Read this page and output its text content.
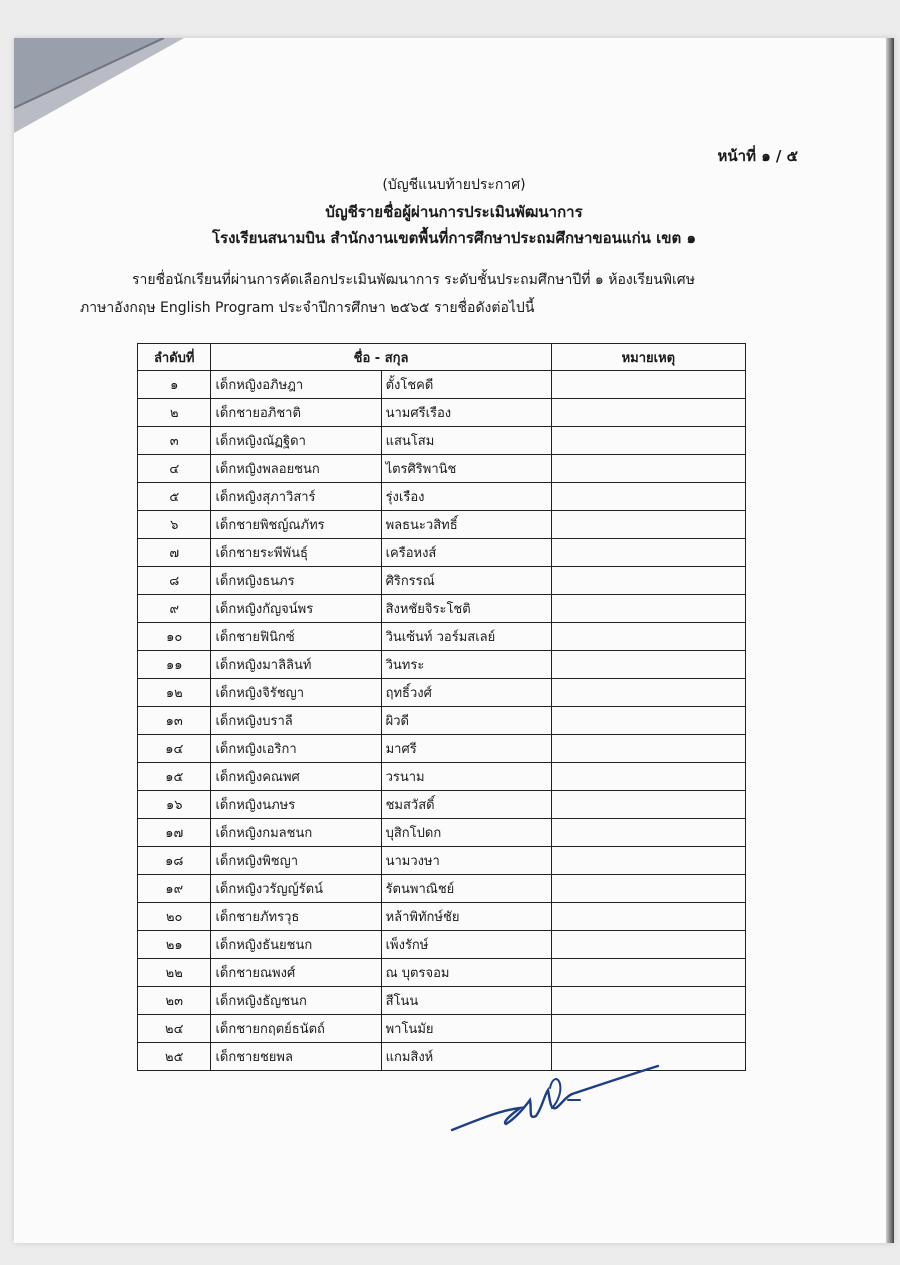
หน้าที่ ๑ / ๕
(บัญชีแนบท้ายประกาศ)
บัญชีรายชื่อผู้ผ่านการประเมินพัฒนาการ
โรงเรียนสนามบิน สำนักงานเขตพื้นที่การศึกษาประถมศึกษาขอนแก่น เขต ๑
รายชื่อนักเรียนที่ผ่านการคัดเลือกประเมินพัฒนาการ ระดับชั้นประถมศึกษาปีที่ ๑ ห้องเรียนพิเศษ
ภาษาอังกฤษ English Program ประจำปีการศึกษา ๒๕๖๕ รายชื่อดังต่อไปนี้
ลำดับที่	ชื่อ - สกุล		หมายเหตุ
๑	เด็กหญิงอภิษฎา	ตั้งโชคดี	
๒	เด็กชายอภิชาติ	นามศรีเรือง	
๓	เด็กหญิงณัฏฐิดา	แสนโสม	
๔	เด็กหญิงพลอยชนก	ไตรศิริพานิช	
๕	เด็กหญิงสุภาวิสาร์	รุ่งเรือง	
๖	เด็กชายพิชญ์ณภัทร	พลธนะวสิทธิ์	
๗	เด็กชายระพีพันธุ์	เครือหงส์	
๘	เด็กหญิงธนภร	ศิริกรรณ์	
๙	เด็กหญิงกัญจน์พร	สิงหชัยจิระโชติ	
๑๐	เด็กชายฟินิกซ์	วินเซ้นท์ วอร์มสเลย์	
๑๑	เด็กหญิงมาลิลินท์	วินทระ	
๑๒	เด็กหญิงจิรัชญา	ฤทธิ์วงศ์	
๑๓	เด็กหญิงบราลี	ผิวดี	
๑๔	เด็กหญิงเอริกา	มาศรี	
๑๕	เด็กหญิงคณพศ	วรนาม	
๑๖	เด็กหญิงนภษร	ชมสวัสดิ์	
๑๗	เด็กหญิงกมลชนก	บุสิกโปดก	
๑๘	เด็กหญิงพิชญา	นามวงษา	
๑๙	เด็กหญิงวรัญญ์รัตน์	รัตนพาณิชย์	
๒๐	เด็กชายภัทรวุธ	หล้าพิทักษ์ชัย	
๒๑	เด็กหญิงธันยชนก	เพ็งรักษ์	
๒๒	เด็กชายณพงศ์	ณ บุตรจอม	
๒๓	เด็กหญิงธัญชนก	สีโนน	
๒๔	เด็กชายกฤตย์ธนัตถ์	พาโนมัย	
๒๕	เด็กชายชยพล	แกมสิงห์	
